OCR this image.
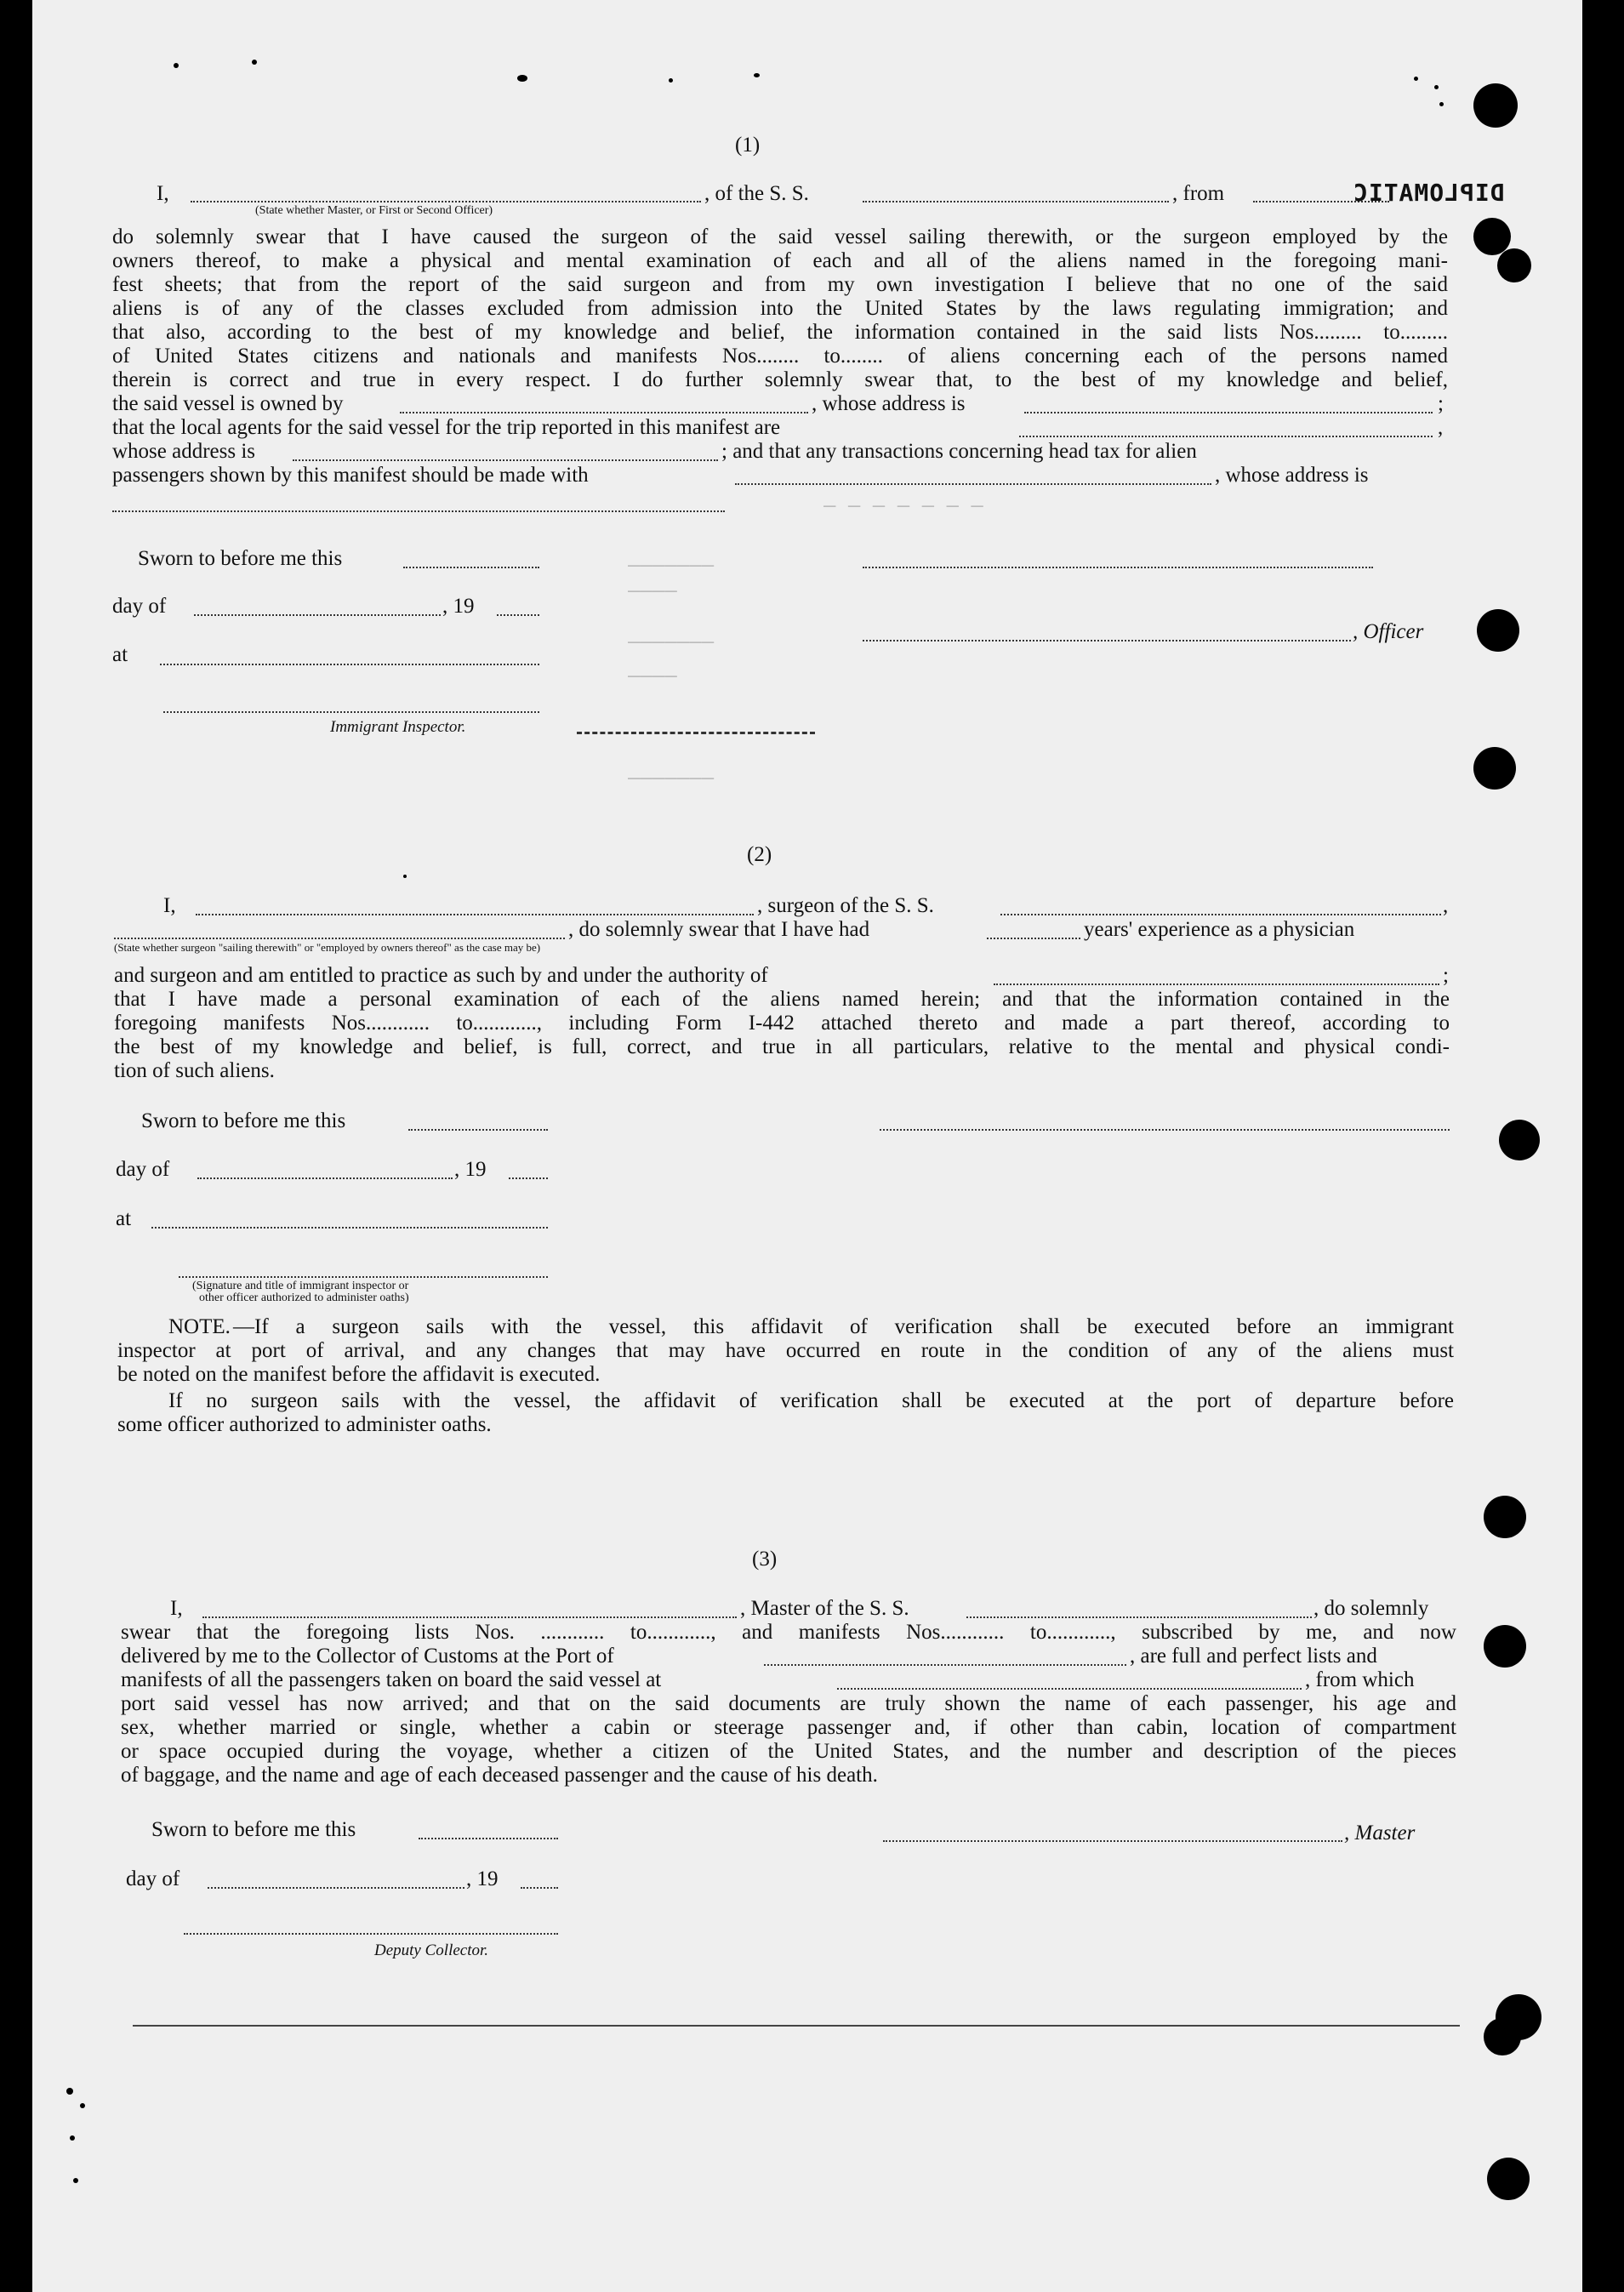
(1)
I,	, of the S. S.	, from	DIPLOMATIC
(State whether Master, or First or Second Officer)
do solemnly swear that I have caused the surgeon of the said vessel sailing therewith, or the surgeon employed by the
owners thereof, to make a physical and mental examination of each and all of the aliens named in the foregoing mani-
fest sheets; that from the report of the said surgeon and from my own investigation I believe that no one of the said
aliens is of any of the classes excluded from admission into the United States by the laws regulating immigration; and
that also, according to the best of my knowledge and belief, the information contained in the said lists Nos......... to.........
of United States citizens and nationals and manifests Nos........ to........ of aliens concerning each of the persons named
therein is correct and true in every respect. I do further solemnly swear that, to the best of my knowledge and belief,
the said vessel is owned by	, whose address is	;
that the local agents for the said vessel for the trip reported in this manifest are	,
whose address is	; and that any transactions concerning head tax for alien
passengers shown by this manifest should be made with	, whose address is
— — — — — — —
———————
————
———————
————
———————
Sworn to before me this
day of	, 19
at
, Officer
Immigrant Inspector.
(2)
I,	, surgeon of the S. S.	,
, do solemnly swear that I have had	years' experience as a physician
(State whether surgeon "sailing therewith" or "employed by owners thereof" as the case may be)
and surgeon and am entitled to practice as such by and under the authority of	;
that I have made a personal examination of each of the aliens named herein; and that the information contained in the
foregoing manifests Nos............ to............, including Form I-442 attached thereto and made a part thereof, according to
the best of my knowledge and belief, is full, correct, and true in all particulars, relative to the mental and physical condi-
tion of such aliens.
Sworn to before me this
day of	, 19
at
(Signature and title of immigrant inspector or
other officer authorized to administer oaths)
NOTE. —If a surgeon sails with the vessel, this affidavit of verification shall be executed before an immigrant
inspector at port of arrival, and any changes that may have occurred en route in the condition of any of the aliens must
be noted on the manifest before the affidavit is executed.
If no surgeon sails with the vessel, the affidavit of verification shall be executed at the port of departure before
some officer authorized to administer oaths.
(3)
I,	, Master of the S. S.	, do solemnly
swear that the foregoing lists Nos. ............ to............, and manifests Nos............ to............, subscribed by me, and now
delivered by me to the Collector of Customs at the Port of	, are full and perfect lists and
manifests of all the passengers taken on board the said vessel at	, from which
port said vessel has now arrived; and that on the said documents are truly shown the name of each passenger, his age and
sex, whether married or single, whether a cabin or steerage passenger and, if other than cabin, location of compartment
or space occupied during the voyage, whether a citizen of the United States, and the number and description of the pieces
of baggage, and the name and age of each deceased passenger and the cause of his death.
Sworn to before me this	, Master
day of	, 19
Deputy Collector.
